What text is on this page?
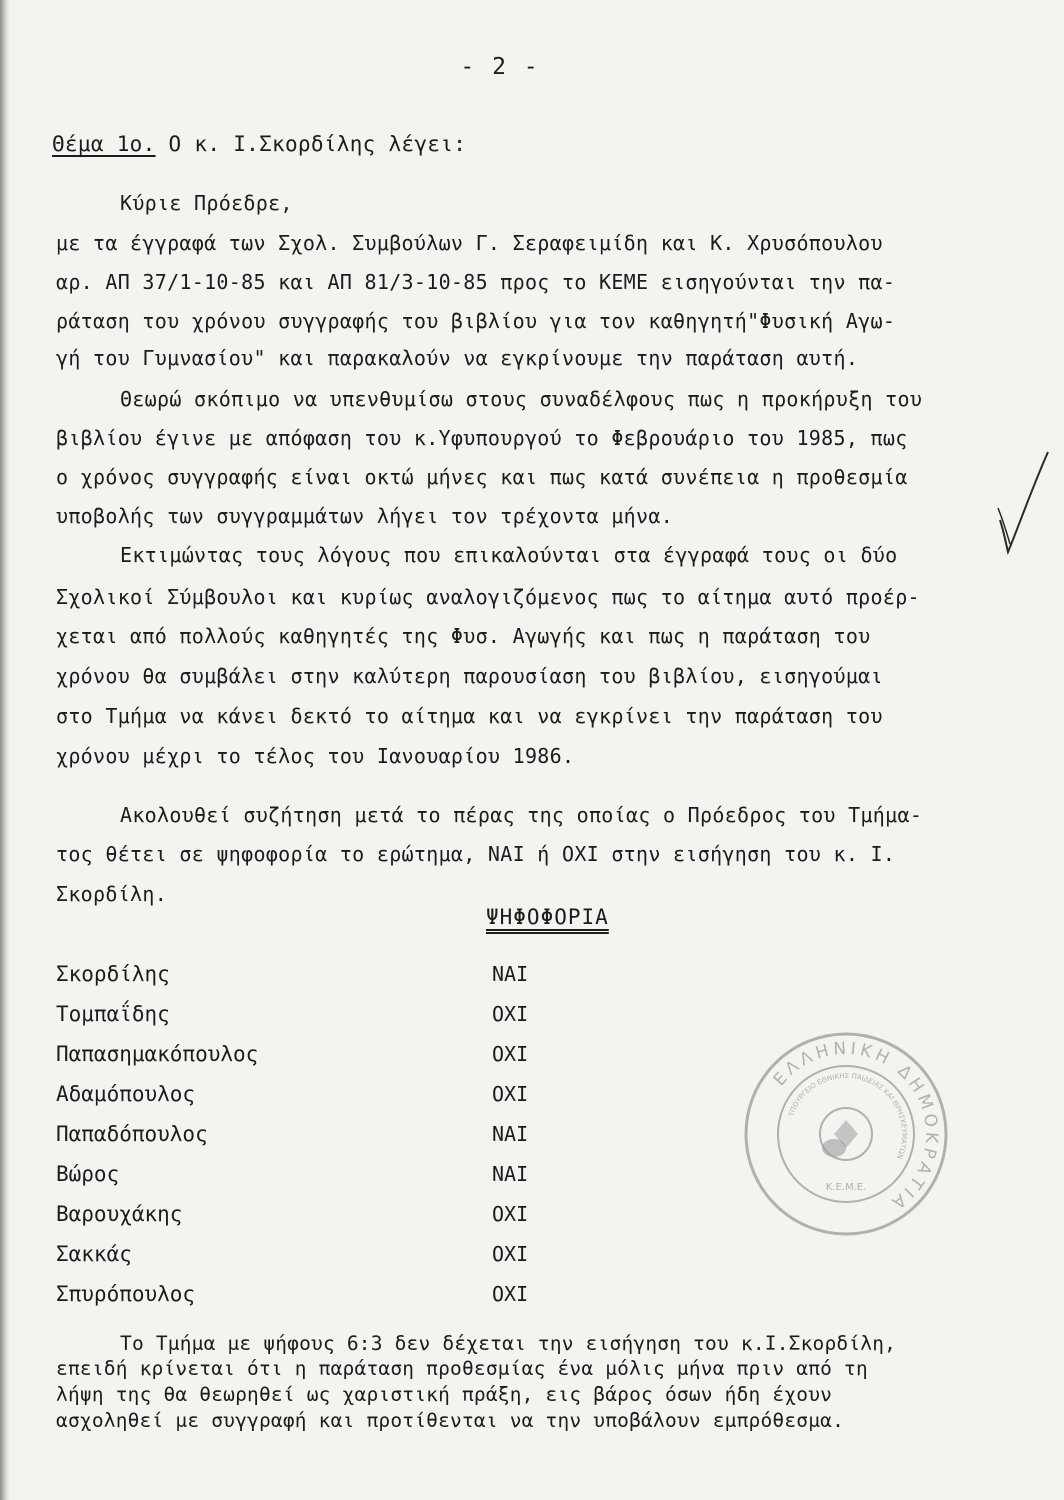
- 2 -
Θέμα 1ο. Ο κ. Ι.Σκορδίλης λέγει:
Κύριε Πρόεδρε,
με τα έγγραφά των Σχολ. Συμβούλων Γ. Σεραφειμίδη και Κ. Χρυσόπουλου
αρ. ΑΠ 37/1-10-85 και ΑΠ 81/3-10-85 προς το ΚΕΜΕ εισηγούνται την πα-
ράταση του χρόνου συγγραφής του βιβλίου για τον καθηγητή"Φυσική Αγω-
γή του Γυμνασίου" και παρακαλούν να εγκρίνουμε την παράταση αυτή.
Θεωρώ σκόπιμο να υπενθυμίσω στους συναδέλφους πως η προκήρυξη του
βιβλίου έγινε με απόφαση του κ.Υφυπουργού το Φεβρουάριο του 1985, πως
ο χρόνος συγγραφής είναι οκτώ μήνες και πως κατά συνέπεια η προθεσμία
υποβολής των συγγραμμάτων λήγει τον τρέχοντα μήνα.
Εκτιμώντας τους λόγους που επικαλούνται στα έγγραφά τους οι δύο
Σχολικοί Σύμβουλοι και κυρίως αναλογιζόμενος πως το αίτημα αυτό προέρ-
χεται από πολλούς καθηγητές της Φυσ. Αγωγής και πως η παράταση του
χρόνου θα συμβάλει στην καλύτερη παρουσίαση του βιβλίου, εισηγούμαι
στο Τμήμα να κάνει δεκτό το αίτημα και να εγκρίνει την παράταση του
χρόνου μέχρι το τέλος του Ιανουαρίου 1986.
Ακολουθεί συζήτηση μετά το πέρας της οποίας ο Πρόεδρος του Τμήμα-
τος θέτει σε ψηφοφορία το ερώτημα, ΝΑΙ ή ΟΧΙ στην εισήγηση του κ. Ι.
Σκορδίλη.
ΨΗΦΟΦΟΡΙΑ
Σκορδίλης	ΝΑΙ
Τομπαΐδης	ΟΧΙ
Παπασημακόπουλος	ΟΧΙ
Αδαμόπουλος	ΟΧΙ
Παπαδόπουλος	ΝΑΙ
Βώρος	ΝΑΙ
Βαρουχάκης	ΟΧΙ
Σακκάς	ΟΧΙ
Σπυρόπουλος	ΟΧΙ
Το Τμήμα με ψήφους 6:3 δεν δέχεται την εισήγηση του κ.Ι.Σκορδίλη,
επειδή κρίνεται ότι η παράταση προθεσμίας ένα μόλις μήνα πριν από τη
λήψη της θα θεωρηθεί ως χαριστική πράξη, εις βάρος όσων ήδη έχουν
ασχοληθεί με συγγραφή και προτίθενται να την υποβάλουν εμπρόθεσμα.
ΕΛΛΗΝΙΚΗ ΔΗΜΟΚΡΑΤΙΑ
ΥΠΟΥΡΓΕΙΟ ΕΘΝΙΚΗΣ ΠΑΙΔΕΙΑΣ ΚΑΙ ΘΡΗΣΚΕΥΜΑΤΩΝ
Κ.Ε.Μ.Ε.
